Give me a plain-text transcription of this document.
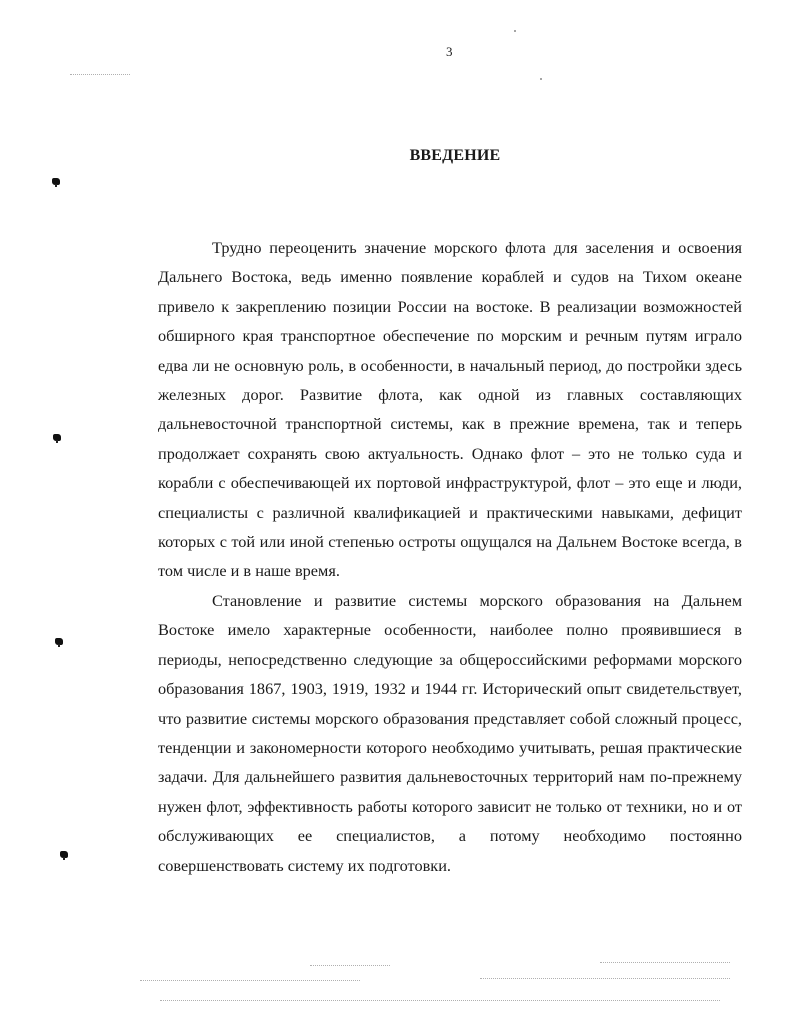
3
ВВЕДЕНИЕ

Трудно переоценить значение морского флота для заселения и освоения Дальнего Востока, ведь именно появление кораблей и судов на Тихом океане привело к закреплению позиции России на востоке. В реализации возможностей обширного края транспортное обеспечение по морским и речным путям играло едва ли не основную роль, в особенности, в начальный период, до постройки здесь железных дорог. Развитие флота, как одной из главных составляющих дальневосточной транспортной системы, как в прежние времена, так и теперь продолжает сохранять свою актуальность. Однако флот – это не только суда и корабли с обеспечивающей их портовой инфраструктурой, флот – это еще и люди, специалисты с различной квалификацией и практическими навыками, дефицит которых с той или иной степенью остроты ощущался на Дальнем Востоке всегда, в том числе и в наше время.

Становление и развитие системы морского образования на Дальнем Востоке имело характерные особенности, наиболее полно проявившиеся в периоды, непосредственно следующие за общероссийскими реформами морского образования 1867, 1903, 1919, 1932 и 1944 гг. Исторический опыт свидетельствует, что развитие системы морского образования представляет собой сложный процесс, тенденции и закономерности которого необходимо учитывать, решая практические задачи. Для дальнейшего развития дальневосточных территорий нам по-прежнему нужен флот, эффективность работы которого зависит не только от техники, но и от обслуживающих ее специалистов, а потому необходимо постоянно совершенствовать систему их подготовки.
